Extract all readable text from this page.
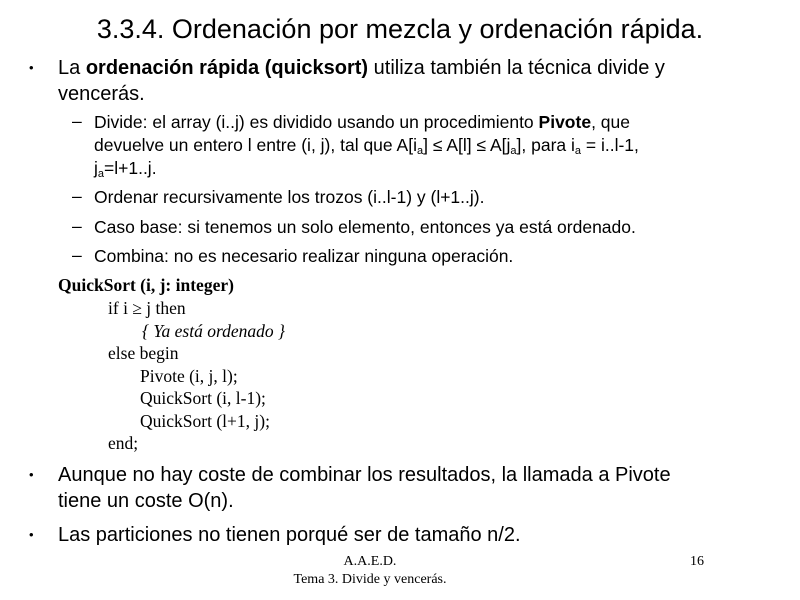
3.3.4. Ordenación por mezcla y ordenación rápida.
• La ordenación rápida (quicksort) utiliza también la técnica divide y
vencerás.
– Divide: el array (i..j) es dividido usando un procedimiento Pivote, que
devuelve un entero l entre (i, j), tal que $A[i_a] \le A[l] \le A[j_a]$, para $i_a = i..l-1$,
$j_a=l+1..j$.
– Ordenar recursivamente los trozos (i..l-1) y (l+1..j).
– Caso base: si tenemos un solo elemento, entonces ya está ordenado.
– Combina: no es necesario realizar ninguna operación.
QuickSort (i, j: integer)
if i ≥ j then
{ Ya está ordenado }
else begin
Pivote (i, j, l);
QuickSort (i, l-1);
QuickSort (l+1, j);
end;
• Aunque no hay coste de combinar los resultados, la llamada a Pivote
tiene un coste O(n).
• Las particiones no tienen porqué ser de tamaño n/2.
A.A.E.D.
Tema 3. Divide y vencerás.
16
